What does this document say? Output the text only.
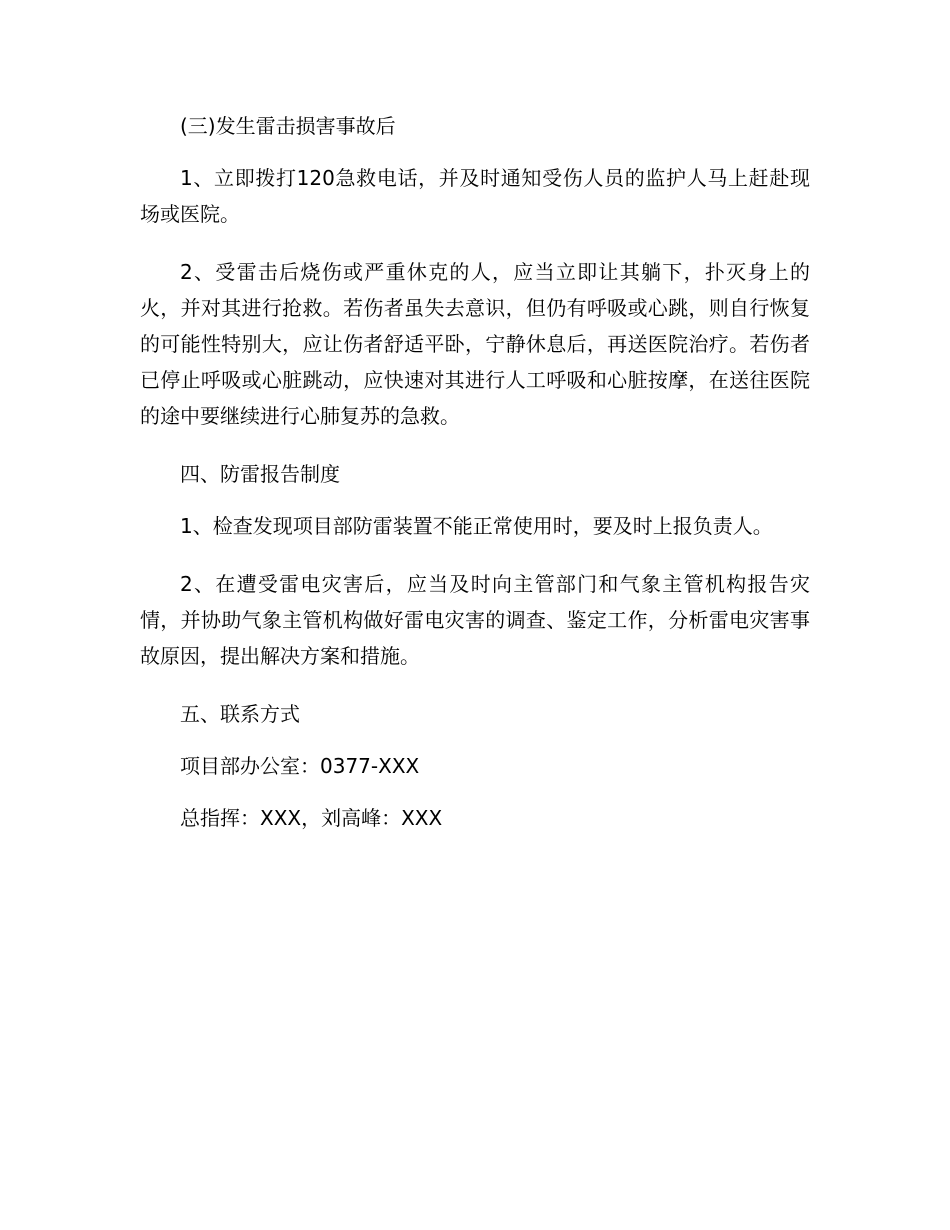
(三)发生雷击损害事故后

1、立即拨打120急救电话，并及时通知受伤人员的监护人马上赶赴现场或医院。

2、受雷击后烧伤或严重休克的人，应当立即让其躺下，扑灭身上的火，并对其进行抢救。若伤者虽失去意识，但仍有呼吸或心跳，则自行恢复的可能性特别大，应让伤者舒适平卧，宁静休息后，再送医院治疗。若伤者已停止呼吸或心脏跳动，应快速对其进行人工呼吸和心脏按摩，在送往医院的途中要继续进行心肺复苏的急救。

四、防雷报告制度

1、检查发现项目部防雷装置不能正常使用时，要及时上报负责人。

2、在遭受雷电灾害后，应当及时向主管部门和气象主管机构报告灾情，并协助气象主管机构做好雷电灾害的调查、鉴定工作，分析雷电灾害事故原因，提出解决方案和措施。

五、联系方式

项目部办公室：0377-XXX

总指挥：XXX，刘高峰：XXX
